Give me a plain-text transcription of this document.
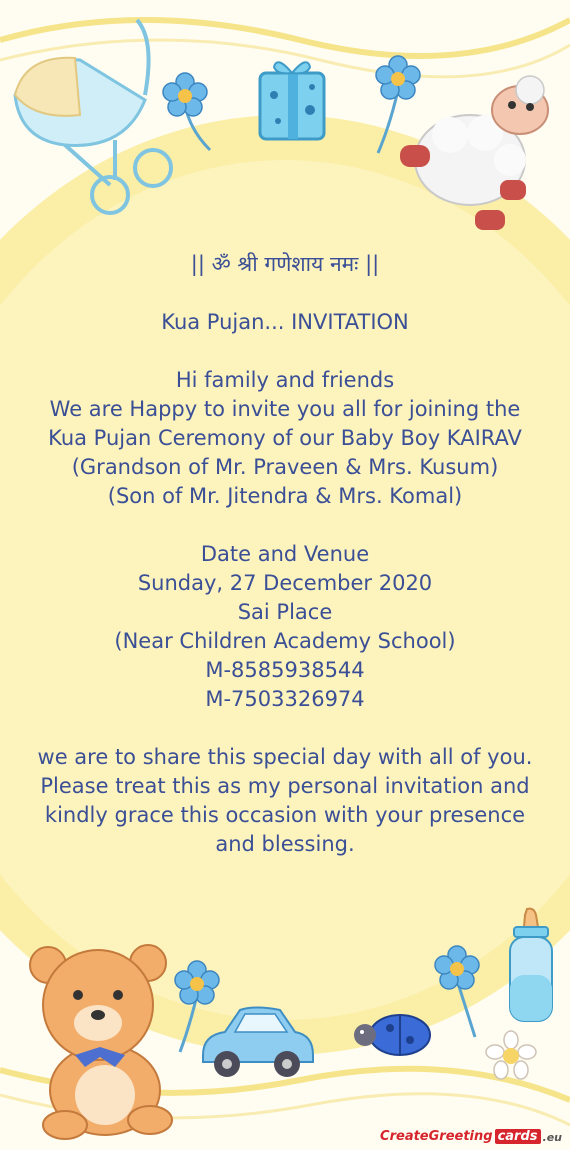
|| ॐ श्री गणेशाय नमः ||
Kua Pujan... INVITATION
Hi family and friends
We are Happy to invite you all for joining the Kua Pujan Ceremony of our Baby Boy KAIRAV
(Grandson of Mr. Praveen & Mrs. Kusum)
(Son of Mr. Jitendra & Mrs. Komal)
Date and Venue
Sunday, 27 December 2020
Sai Place
(Near Children Academy School)
M-8585938544
M-7503326974
we are to share this special day with all of you.
Please treat this as my personal invitation and kindly grace this occasion with your presence and blessing.
CreateGreeting cards .eu
